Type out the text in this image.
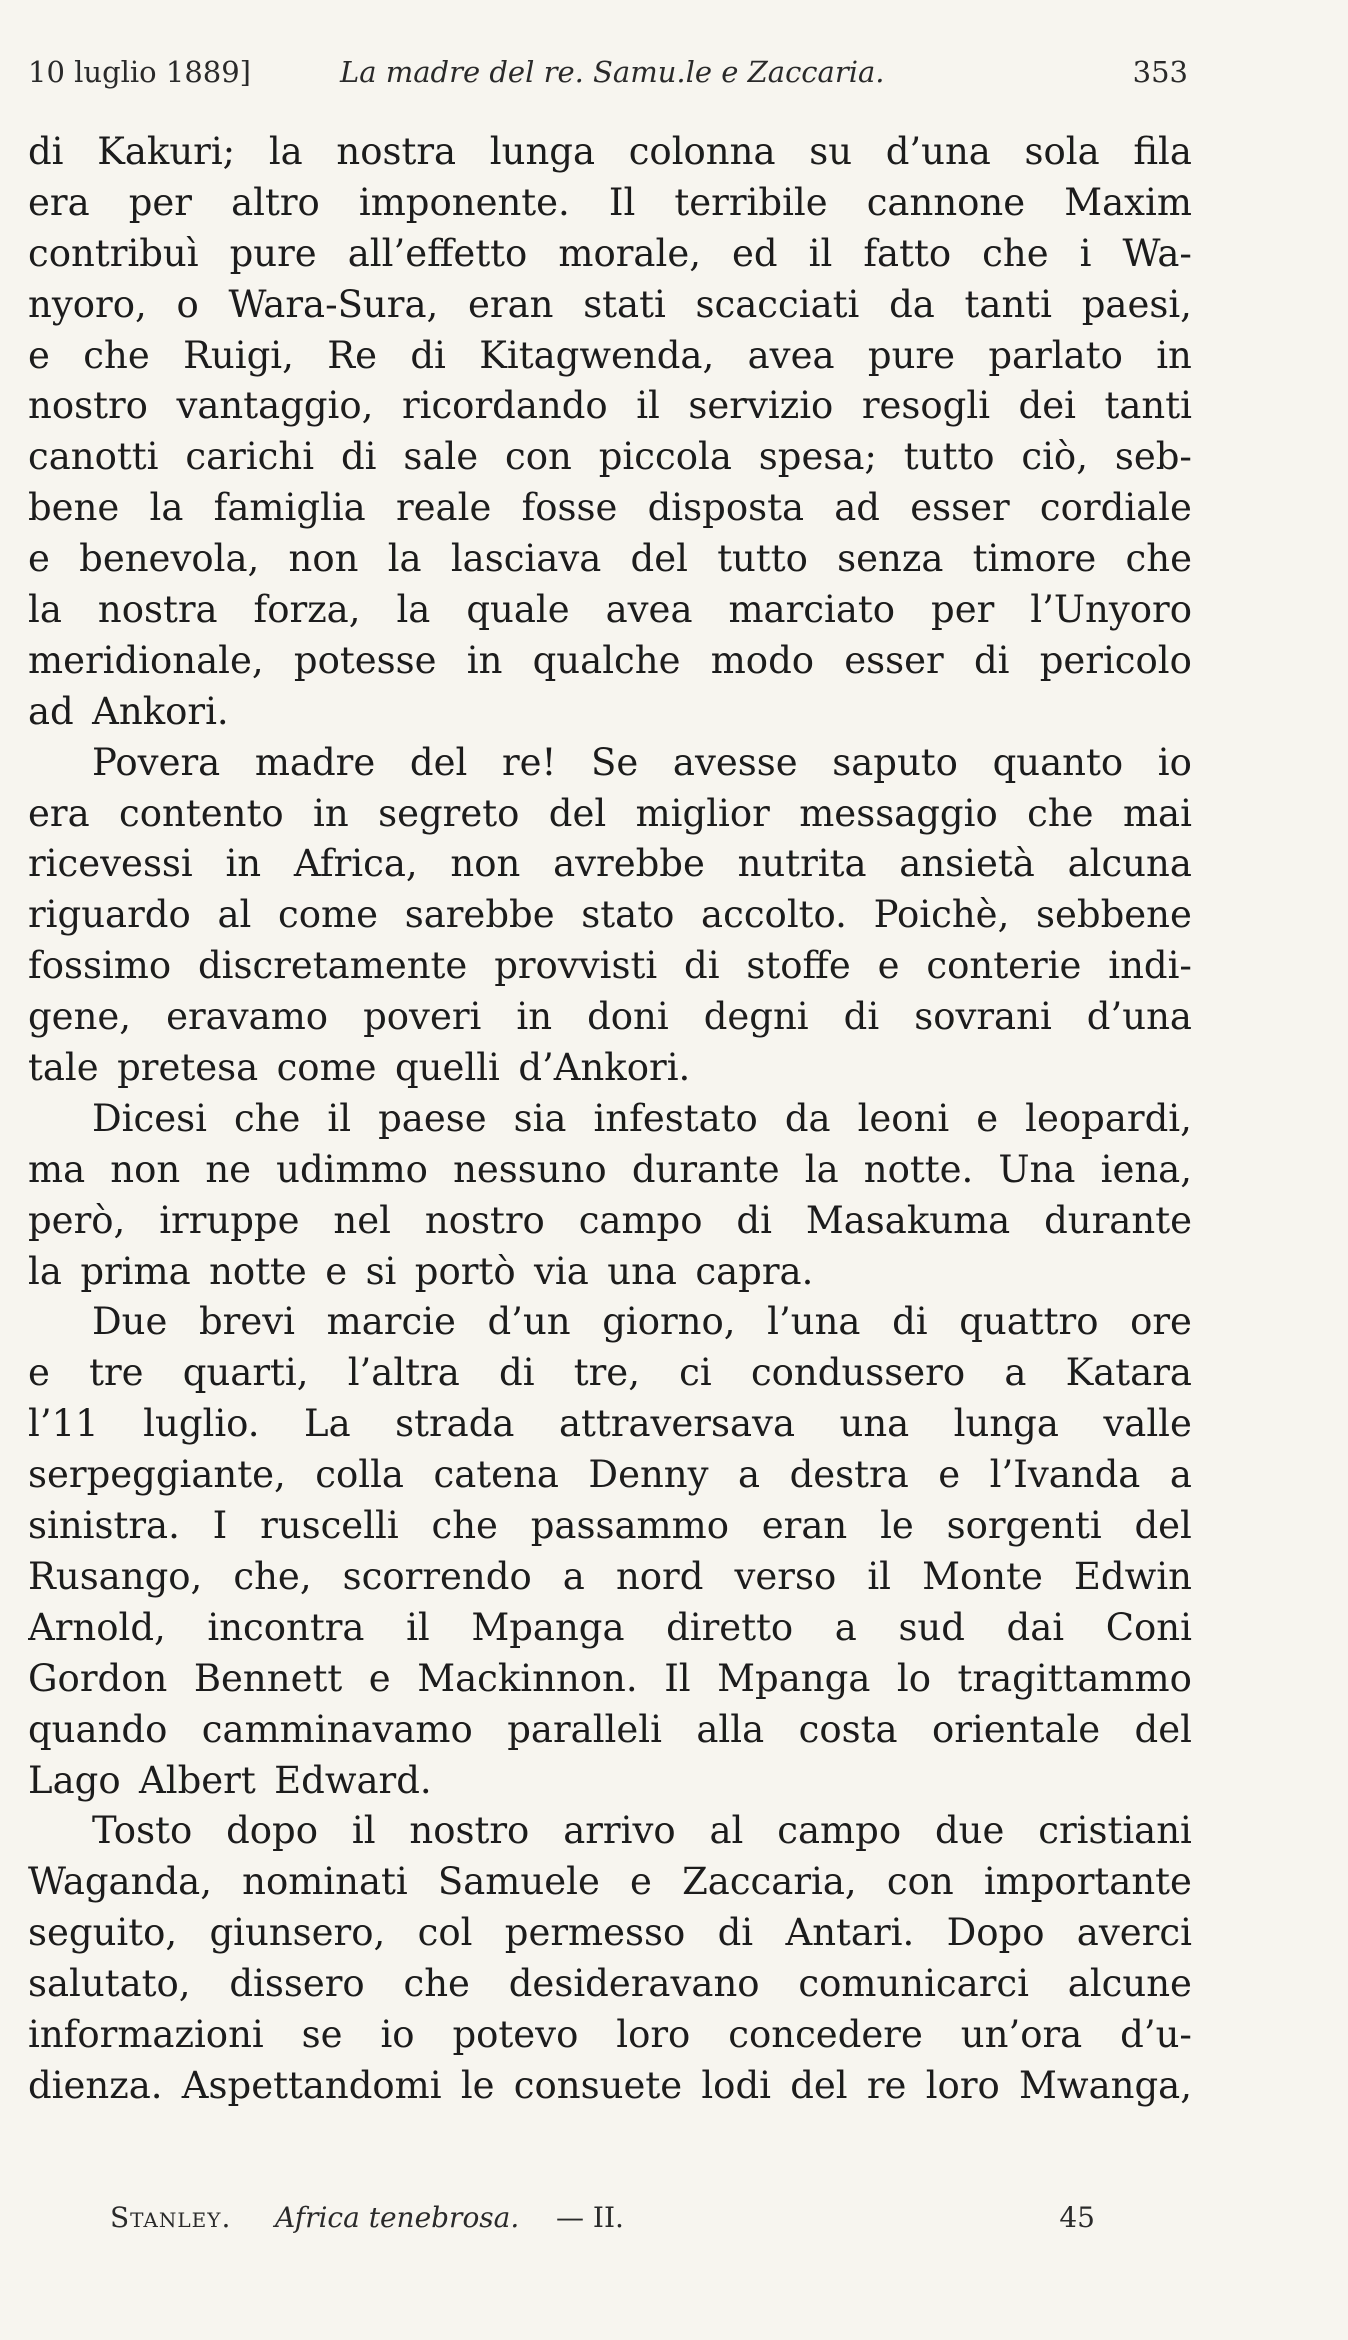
10 luglio 1889]	La madre del re. Samu.le e Zaccaria.	353
di Kakuri; la nostra lunga colonna su d’una sola fila
era per altro imponente. Il terribile cannone Maxim
contribuì pure all’effetto morale, ed il fatto che i Wa-
nyoro, o Wara-Sura, eran stati scacciati da tanti paesi,
e che Ruigi, Re di Kitagwenda, avea pure parlato in
nostro vantaggio, ricordando il servizio resogli dei tanti
canotti carichi di sale con piccola spesa; tutto ciò, seb-
bene la famiglia reale fosse disposta ad esser cordiale
e benevola, non la lasciava del tutto senza timore che
la nostra forza, la quale avea marciato per l’Unyoro
meridionale, potesse in qualche modo esser di pericolo
ad Ankori.
Povera madre del re! Se avesse saputo quanto io
era contento in segreto del miglior messaggio che mai
ricevessi in Africa, non avrebbe nutrita ansietà alcuna
riguardo al come sarebbe stato accolto. Poichè, sebbene
fossimo discretamente provvisti di stoffe e conterie indi-
gene, eravamo poveri in doni degni di sovrani d’una
tale pretesa come quelli d’Ankori.
Dicesi che il paese sia infestato da leoni e leopardi,
ma non ne udimmo nessuno durante la notte. Una iena,
però, irruppe nel nostro campo di Masakuma durante
la prima notte e si portò via una capra.
Due brevi marcie d’un giorno, l’una di quattro ore
e tre quarti, l’altra di tre, ci condussero a Katara
l’11 luglio. La strada attraversava una lunga valle
serpeggiante, colla catena Denny a destra e l’Ivanda a
sinistra. I ruscelli che passammo eran le sorgenti del
Rusango, che, scorrendo a nord verso il Monte Edwin
Arnold, incontra il Mpanga diretto a sud dai Coni
Gordon Bennett e Mackinnon. Il Mpanga lo tragittammo
quando camminavamo paralleli alla costa orientale del
Lago Albert Edward.
Tosto dopo il nostro arrivo al campo due cristiani
Waganda, nominati Samuele e Zaccaria, con importante
seguito, giunsero, col permesso di Antari. Dopo averci
salutato, dissero che desideravano comunicarci alcune
informazioni se io potevo loro concedere un’ora d’u-
dienza. Aspettandomi le consuete lodi del re loro Mwanga,
Stanley. Africa tenebrosa. — II.	45
